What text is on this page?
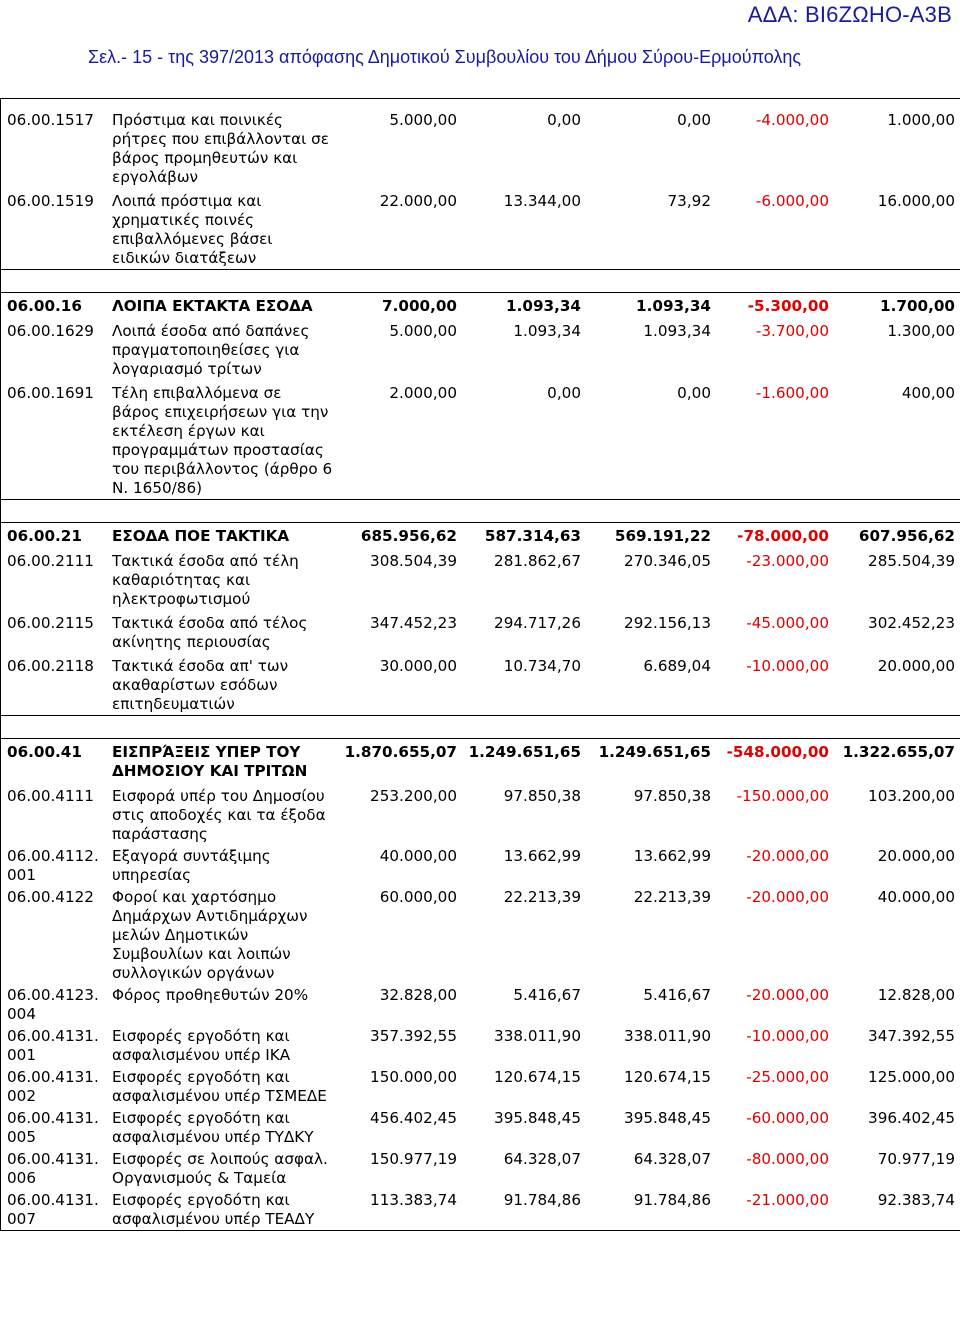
ΑΔΑ: ΒΙ6ΖΩΗΟ-Α3Β
Σελ.- 15 - της 397/2013 απόφασης Δημοτικού Συμβουλίου του Δήμου Σύρου-Ερμούπολης
06.00.1517	Πρόστιμα και ποινικές ρήτρες που επιβάλλονται σε βάρος προμηθευτών και εργολάβων	5.000,00	0,00	0,00	-4.000,00	1.000,00
06.00.1519	Λοιπά πρόστιμα και χρηματικές ποινές επιβαλλόμενες βάσει ειδικών διατάξεων	22.000,00	13.344,00	73,92	-6.000,00	16.000,00

06.00.16	ΛΟΙΠΑ ΕΚΤΑΚΤΑ ΕΣΟΔΑ	7.000,00	1.093,34	1.093,34	-5.300,00	1.700,00
06.00.1629	Λοιπά έσοδα από δαπάνες πραγματοποιηθείσες για λογαριασμό τρίτων	5.000,00	1.093,34	1.093,34	-3.700,00	1.300,00
06.00.1691	Τέλη επιβαλλόμενα σε βάρος επιχειρήσεων για την εκτέλεση έργων και προγραμμάτων προστασίας του περιβάλλοντος (άρθρο 6 Ν. 1650/86)	2.000,00	0,00	0,00	-1.600,00	400,00

06.00.21	ΕΣΟΔΑ ΠΟΕ ΤΑΚΤΙΚΑ	685.956,62	587.314,63	569.191,22	-78.000,00	607.956,62
06.00.2111	Τακτικά έσοδα από τέλη καθαριότητας και ηλεκτροφωτισμού	308.504,39	281.862,67	270.346,05	-23.000,00	285.504,39
06.00.2115	Τακτικά έσοδα από τέλος ακίνητης περιουσίας	347.452,23	294.717,26	292.156,13	-45.000,00	302.452,23
06.00.2118	Τακτικά έσοδα απ' των ακαθαρίστων εσόδων επιτηδευματιών	30.000,00	10.734,70	6.689,04	-10.000,00	20.000,00

06.00.41	ΕΙΣΠΡΆΞΕΙΣ ΥΠΕΡ ΤΟΥ ΔΗΜΟΣΙΟΥ ΚΑΙ ΤΡΙΤΩΝ	1.870.655,07	1.249.651,65	1.249.651,65	-548.000,00	1.322.655,07
06.00.4111	Εισφορά υπέρ του Δημοσίου στις αποδοχές και τα έξοδα παράστασης	253.200,00	97.850,38	97.850,38	-150.000,00	103.200,00
06.00.4112. 001	Εξαγορά συντάξιμης υπηρεσίας	40.000,00	13.662,99	13.662,99	-20.000,00	20.000,00
06.00.4122	Φοροί και χαρτόσημο Δημάρχων Αντιδημάρχων μελών Δημοτικών Συμβουλίων και λοιπών συλλογικών οργάνων	60.000,00	22.213,39	22.213,39	-20.000,00	40.000,00
06.00.4123. 004	Φόρος προθηεθυτών 20%	32.828,00	5.416,67	5.416,67	-20.000,00	12.828,00
06.00.4131. 001	Εισφορές εργοδότη και ασφαλισμένου υπέρ ΙΚΑ	357.392,55	338.011,90	338.011,90	-10.000,00	347.392,55
06.00.4131. 002	Εισφορές εργοδότη και ασφαλισμένου υπέρ ΤΣΜΕΔΕ	150.000,00	120.674,15	120.674,15	-25.000,00	125.000,00
06.00.4131. 005	Εισφορές εργοδότη και ασφαλισμένου υπέρ ΤΥΔΚΥ	456.402,45	395.848,45	395.848,45	-60.000,00	396.402,45
06.00.4131. 006	Εισφορές σε λοιπούς ασφαλ. Οργανισμούς & Ταμεία	150.977,19	64.328,07	64.328,07	-80.000,00	70.977,19
06.00.4131. 007	Εισφορές εργοδότη και ασφαλισμένου υπέρ ΤΕΑΔΥ	113.383,74	91.784,86	91.784,86	-21.000,00	92.383,74
